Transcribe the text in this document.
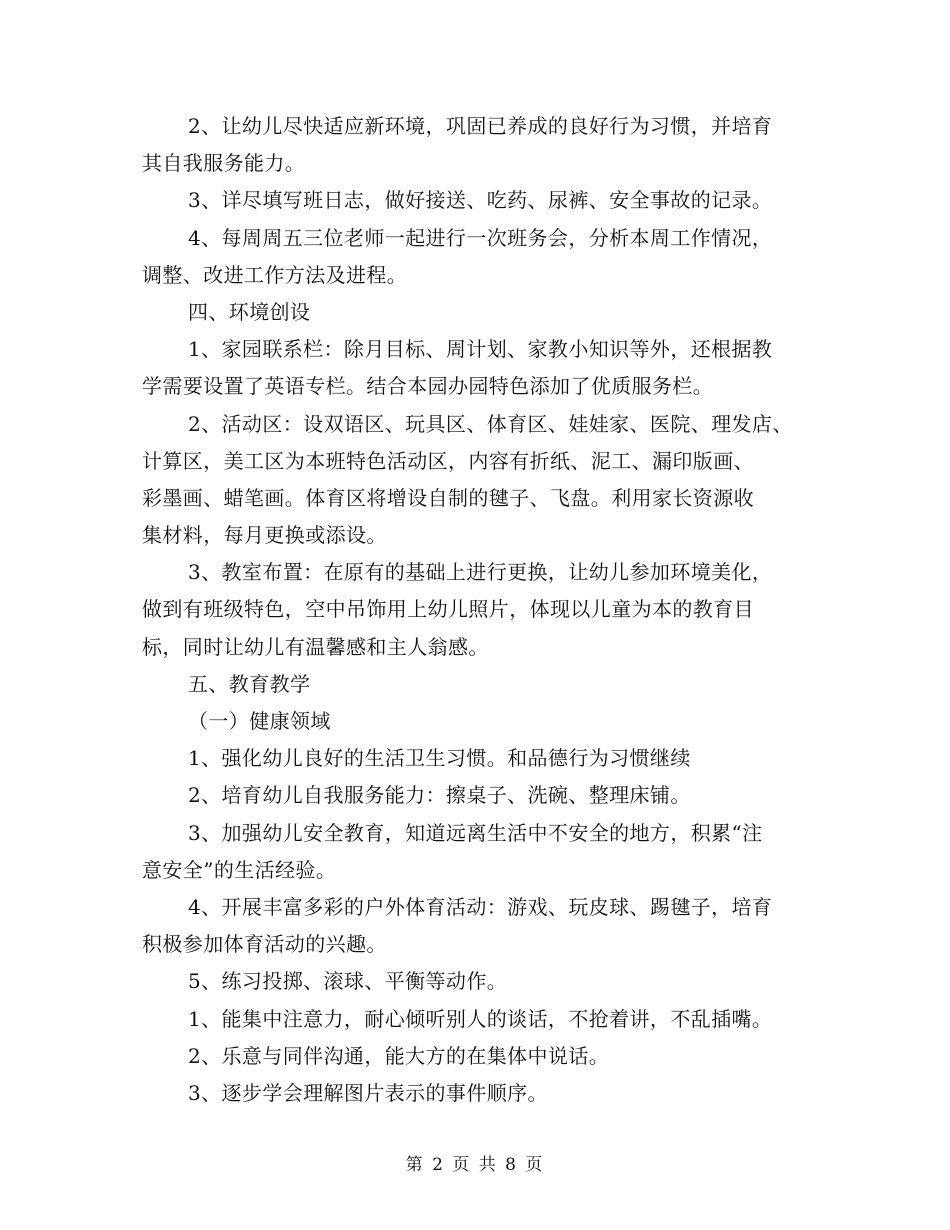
2、让幼儿尽快适应新环境，巩固已养成的良好行为习惯，并培育
其自我服务能力。
3、详尽填写班日志，做好接送、吃药、尿裤、安全事故的记录。
4、每周周五三位老师一起进行一次班务会，分析本周工作情况，
调整、改进工作方法及进程。
四、环境创设
1、家园联系栏：除月目标、周计划、家教小知识等外，还根据教
学需要设置了英语专栏。结合本园办园特色添加了优质服务栏。
2、活动区：设双语区、玩具区、体育区、娃娃家、医院、理发店、
计算区，美工区为本班特色活动区，内容有折纸、泥工、漏印版画、
彩墨画、蜡笔画。体育区将增设自制的毽子、飞盘。利用家长资源收
集材料，每月更换或添设。
3、教室布置：在原有的基础上进行更换，让幼儿参加环境美化，
做到有班级特色，空中吊饰用上幼儿照片，体现以儿童为本的教育目
标，同时让幼儿有温馨感和主人翁感。
五、教育教学
（一）健康领域
1、强化幼儿良好的生活卫生习惯。和品德行为习惯继续
2、培育幼儿自我服务能力：擦桌子、洗碗、整理床铺。
3、加强幼儿安全教育，知道远离生活中不安全的地方，积累“注
意安全”的生活经验。
4、开展丰富多彩的户外体育活动：游戏、玩皮球、踢毽子，培育
积极参加体育活动的兴趣。
5、练习投掷、滚球、平衡等动作。
1、能集中注意力，耐心倾听别人的谈话，不抢着讲，不乱插嘴。
2、乐意与同伴沟通，能大方的在集体中说话。
3、逐步学会理解图片表示的事件顺序。
第 2 页 共 8 页
